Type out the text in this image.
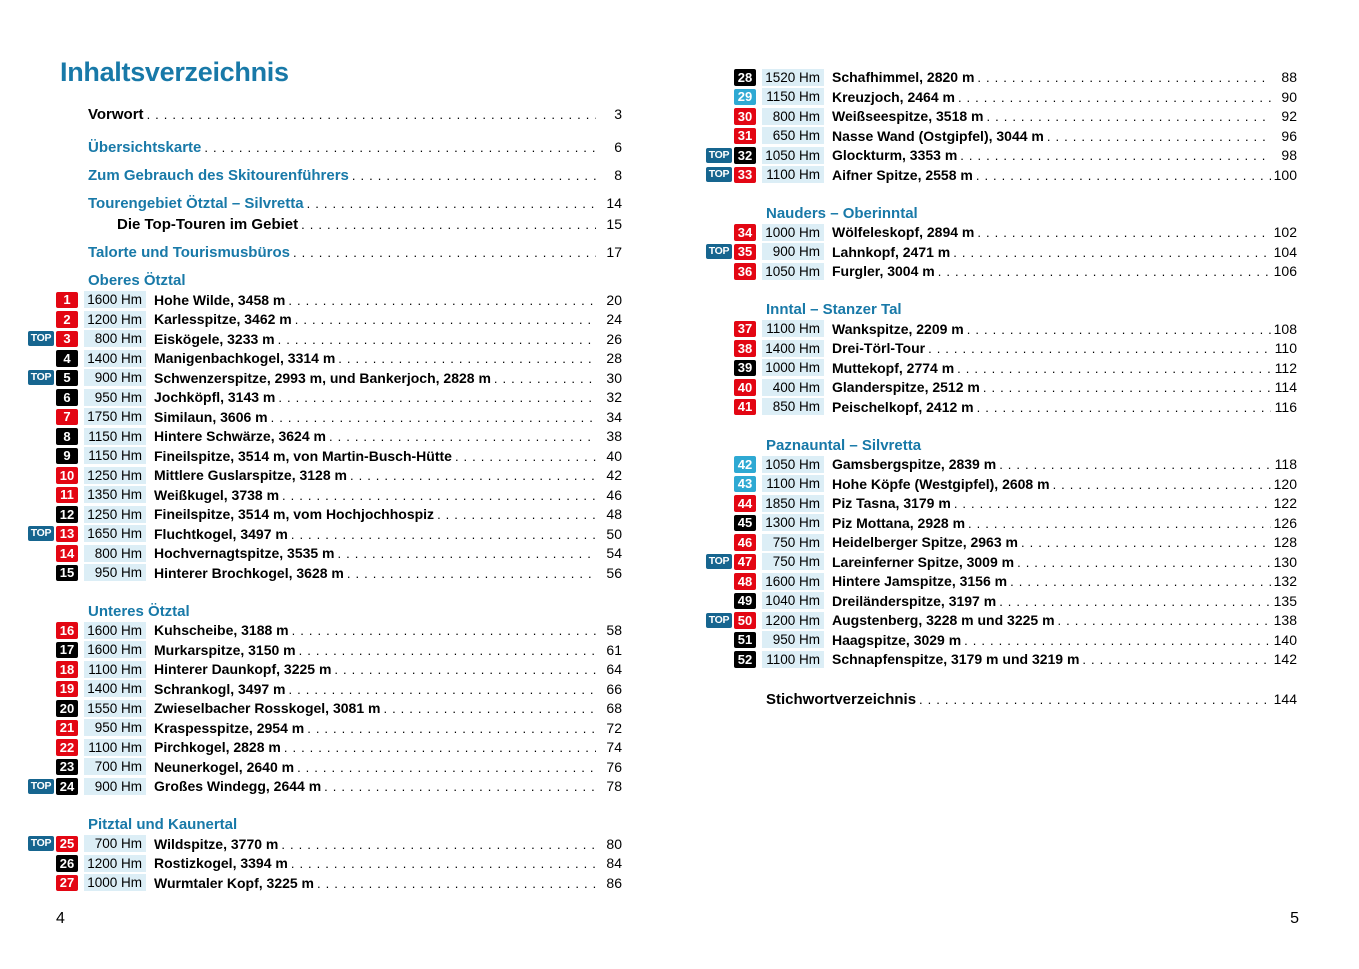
Inhaltsverzeichnis
Vorwort .....	3
Übersichtskarte .....	6
Zum Gebrauch des Skitourenführers .....	8
Tourengebiet Ötztal – Silvretta .....	14
Die Top-Touren im Gebiet .....	15
Talorte und Tourismusbüros .....	17
Oberes Ötztal
1	1600 Hm Hohe Wilde, 3458 m .....	20
2	1200 Hm Karlesspitze, 3462 m .....	24
TOP 3	800 Hm Eiskögele, 3233 m .....	26
4	1400 Hm Manigenbachkogel, 3314 m .....	28
TOP 5	900 Hm Schwenzerspitze, 2993 m, und Bankerjoch, 2828 m .....	30
6	950 Hm Jochköpfl, 3143 m .....	32
7	1750 Hm Similaun, 3606 m .....	34
8	1150 Hm Hintere Schwärze, 3624 m .....	38
9	1150 Hm Fineilspitze, 3514 m, von Martin-Busch-Hütte .....	40
10 1250 Hm Mittlere Guslarspitze, 3128 m .....	42
11 1350 Hm Weißkugel, 3738 m .....	46
12 1250 Hm Fineilspitze, 3514 m, vom Hochjochhospiz .....	48
TOP 13 1650 Hm Fluchtkogel, 3497 m .....	50
14	800 Hm Hochvernagtspitze, 3535 m .....	54
15	950 Hm Hinterer Brochkogel, 3628 m .....	56
Unteres Ötztal
16 1600 Hm Kuhscheibe, 3188 m .....	58
17 1600 Hm Murkarspitze, 3150 m .....	61
18	1100 Hm Hinterer Daunkopf, 3225 m .....	64
19 1400 Hm Schrankogl, 3497 m .....	66
20 1550 Hm Zwieselbacher Rosskogel, 3081 m .....	68
21	950 Hm Kraspesspitze, 2954 m .....	72
22	1100 Hm Pirchkogel, 2828 m .....	74
23	700 Hm Neunerkogel, 2640 m .....	76
TOP 24	900 Hm Großes Windegg, 2644 m .....	78
Pitztal und Kaunertal
TOP 25	700 Hm Wildspitze, 3770 m .....	80
26 1200 Hm Rostizkogel, 3394 m .....	84
27 1000 Hm Wurmtaler Kopf, 3225 m .....	86
28 1520 Hm Schafhimmel, 2820 m .....	88
29	1150 Hm Kreuzjoch, 2464 m .....	90
30	800 Hm Weißseespitze, 3518 m .....	92
31	650 Hm Nasse Wand (Ostgipfel), 3044 m .....	96
TOP 32 1050 Hm Glockturm, 3353 m .....	98
TOP 33	1100 Hm Aifner Spitze, 2558 m .....	100
Nauders – Oberinntal
34 1000 Hm Wölfeleskopf, 2894 m .....	102
TOP 35	900 Hm Lahnkopf, 2471 m .....	104
36 1050 Hm Furgler, 3004 m .....	106
Inntal – Stanzer Tal
37	1100 Hm Wankspitze, 2209 m .....	108
38 1400 Hm Drei-Törl-Tour .....	110
39 1000 Hm Muttekopf, 2774 m .....	112
40	400 Hm Glanderspitze, 2512 m .....	114
41	850 Hm Peischelkopf, 2412 m .....	116
Paznauntal – Silvretta
42 1050 Hm Gamsbergspitze, 2839 m .....	118
43	1100 Hm Hohe Köpfe (Westgipfel), 2608 m .....	120
44 1850 Hm Piz Tasna, 3179 m .....	122
45 1300 Hm Piz Mottana, 2928 m .....	126
46	750 Hm Heidelberger Spitze, 2963 m .....	128
TOP 47	750 Hm Lareinferner Spitze, 3009 m .....	130
48 1600 Hm Hintere Jamspitze, 3156 m .....	132
49 1040 Hm Dreiländerspitze, 3197 m .....	135
TOP 50 1200 Hm Augstenberg, 3228 m und 3225 m .....	138
51	950 Hm Haagspitze, 3029 m .....	140
52	1100 Hm Schnapfenspitze, 3179 m und 3219 m .....	142
Stichwortverzeichnis .....	144
4	5
